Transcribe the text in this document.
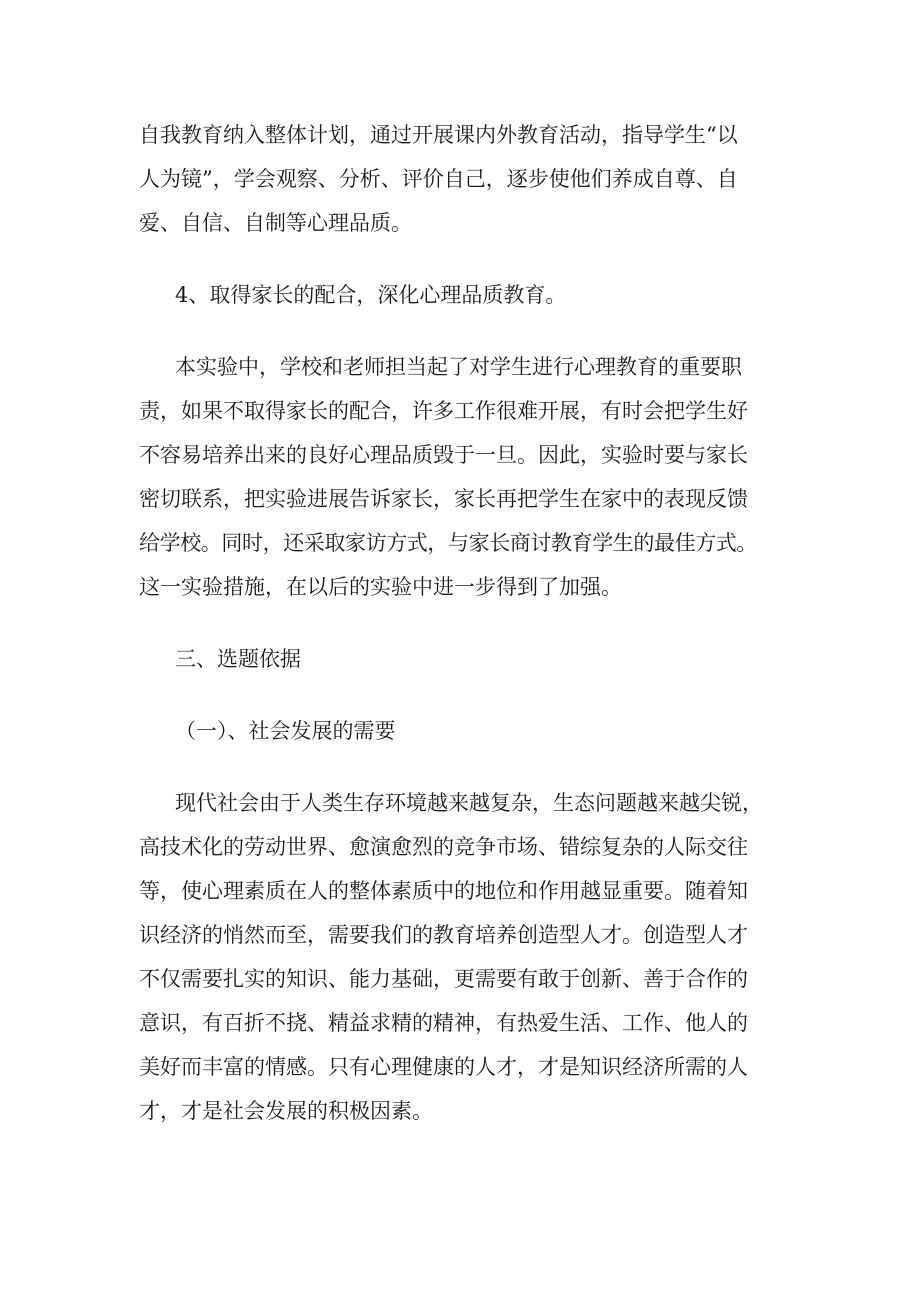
自我教育纳入整体计划，通过开展课内外教育活动，指导学生“以
人为镜”，学会观察、分析、评价自己，逐步使他们养成自尊、自
爱、自信、自制等心理品质。

4、取得家长的配合，深化心理品质教育。

本实验中，学校和老师担当起了对学生进行心理教育的重要职
责，如果不取得家长的配合，许多工作很难开展，有时会把学生好
不容易培养出来的良好心理品质毁于一旦。因此，实验时要与家长
密切联系，把实验进展告诉家长，家长再把学生在家中的表现反馈
给学校。同时，还采取家访方式，与家长商讨教育学生的最佳方式。
这一实验措施，在以后的实验中进一步得到了加强。

三、选题依据

（一）、社会发展的需要

现代社会由于人类生存环境越来越复杂，生态问题越来越尖锐，
高技术化的劳动世界、愈演愈烈的竞争市场、错综复杂的人际交往
等，使心理素质在人的整体素质中的地位和作用越显重要。随着知
识经济的悄然而至，需要我们的教育培养创造型人才。创造型人才
不仅需要扎实的知识、能力基础，更需要有敢于创新、善于合作的
意识，有百折不挠、精益求精的精神，有热爱生活、工作、他人的
美好而丰富的情感。只有心理健康的人才，才是知识经济所需的人
才，才是社会发展的积极因素。
